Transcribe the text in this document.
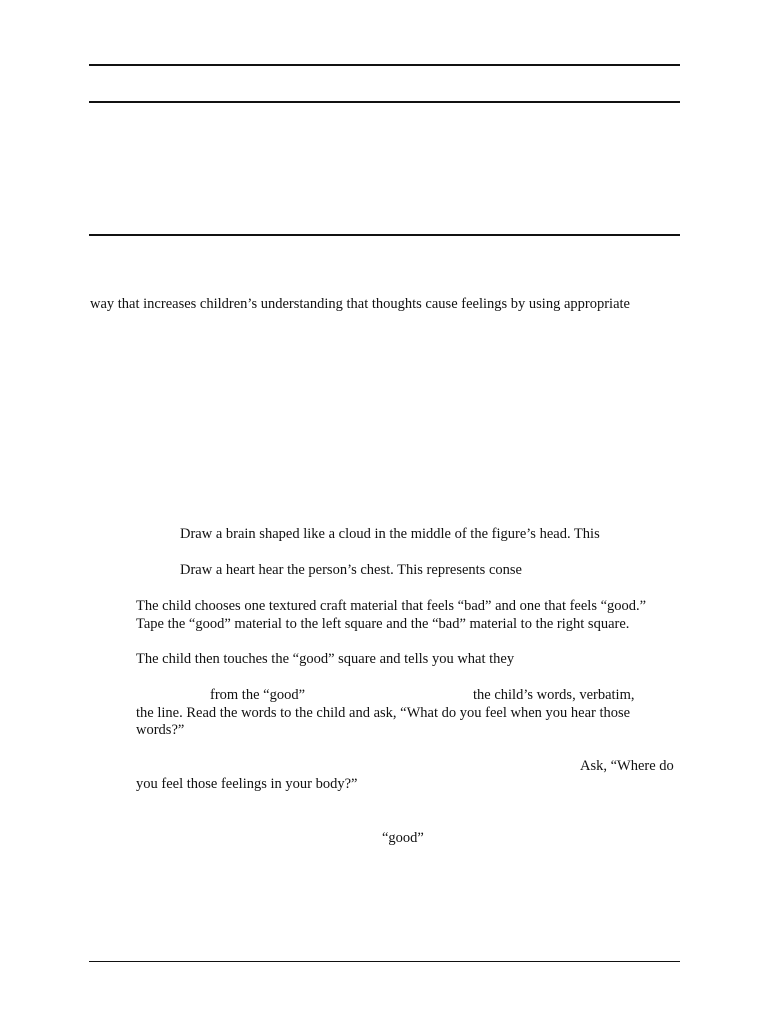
way that increases children’s understanding that thoughts cause feelings by using appropriate
Draw a brain shaped like a cloud in the middle of the figure’s head. This
Draw a heart hear the person’s chest. This represents conse
The child chooses one textured craft material that feels “bad” and one that feels “good.”
Tape the “good” material to the left square and the “bad” material to the right square.
The child then touches the “good” square and tells you what they
from the “good”	the child’s words, verbatim,
the line. Read the words to the child and ask, “What do you feel when you hear those
words?”
Ask, “Where do
you feel those feelings in your body?”
“good”
